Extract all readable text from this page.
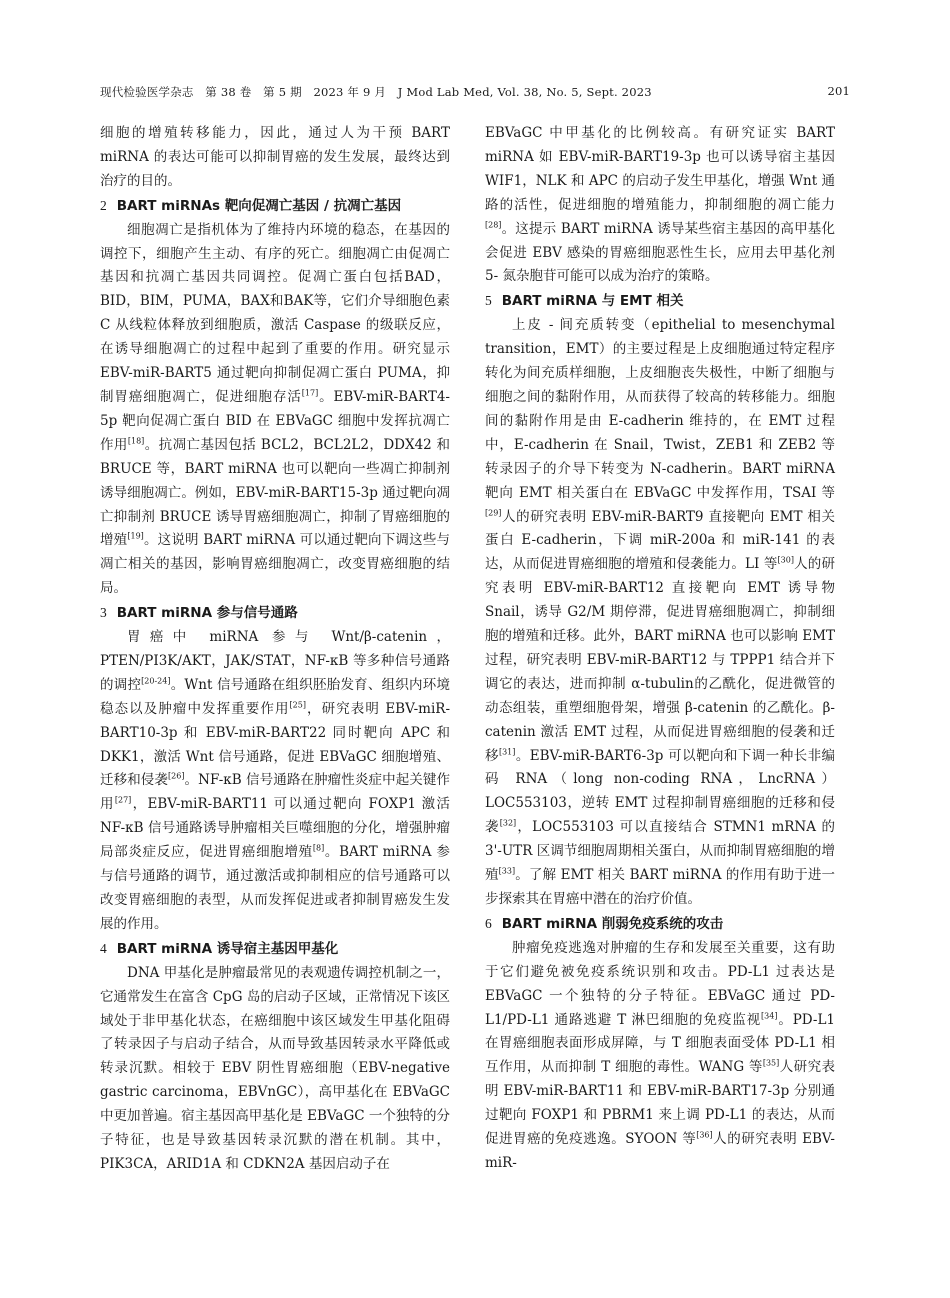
现代检验医学杂志　第 38 卷　第 5 期　2023 年 9 月　J Mod Lab Med, Vol. 38, No. 5, Sept. 2023	201

细胞的增殖转移能力，因此，通过人为干预 BART miRNA 的表达可能可以抑制胃癌的发生发展，最终达到治疗的目的。

2 BART miRNAs 靶向促凋亡基因 / 抗凋亡基因

细胞凋亡是指机体为了维持内环境的稳态，在基因的调控下，细胞产生主动、有序的死亡。细胞凋亡由促凋亡基因和抗凋亡基因共同调控。促凋亡蛋白包括BAD，BID，BIM，PUMA，BAX和BAK等，它们介导细胞色素 C 从线粒体释放到细胞质，激活 Caspase 的级联反应，在诱导细胞凋亡的过程中起到了重要的作用。研究显示 EBV-miR-BART5 通过靶向抑制促凋亡蛋白 PUMA，抑制胃癌细胞凋亡，促进细胞存活[17]。EBV-miR-BART4-5p 靶向促凋亡蛋白 BID 在 EBVaGC 细胞中发挥抗凋亡作用[18]。抗凋亡基因包括 BCL2，BCL2L2，DDX42 和 BRUCE 等，BART miRNA 也可以靶向一些凋亡抑制剂诱导细胞凋亡。例如，EBV-miR-BART15-3p 通过靶向凋亡抑制剂 BRUCE 诱导胃癌细胞凋亡，抑制了胃癌细胞的增殖[19]。这说明 BART miRNA 可以通过靶向下调这些与凋亡相关的基因，影响胃癌细胞凋亡，改变胃癌细胞的结局。

3 BART miRNA 参与信号通路

胃癌中 miRNA 参与 Wnt/β-catenin，PTEN/PI3K/AKT，JAK/STAT，NF-κB 等多种信号通路的调控[20-24]。Wnt 信号通路在组织胚胎发育、组织内环境稳态以及肿瘤中发挥重要作用[25]，研究表明 EBV-miR-BART10-3p 和 EBV-miR-BART22 同时靶向 APC 和 DKK1，激活 Wnt 信号通路，促进 EBVaGC 细胞增殖、迁移和侵袭[26]。NF-κB 信号通路在肿瘤性炎症中起关键作用[27]，EBV-miR-BART11 可以通过靶向 FOXP1 激活 NF-κB 信号通路诱导肿瘤相关巨噬细胞的分化，增强肿瘤局部炎症反应，促进胃癌细胞增殖[8]。BART miRNA 参与信号通路的调节，通过激活或抑制相应的信号通路可以改变胃癌细胞的表型，从而发挥促进或者抑制胃癌发生发展的作用。

4 BART miRNA 诱导宿主基因甲基化

DNA 甲基化是肿瘤最常见的表观遗传调控机制之一，它通常发生在富含 CpG 岛的启动子区域，正常情况下该区域处于非甲基化状态，在癌细胞中该区域发生甲基化阻碍了转录因子与启动子结合，从而导致基因转录水平降低或转录沉默。相较于 EBV 阴性胃癌细胞（EBV-negative gastric carcinoma，EBVnGC），高甲基化在 EBVaGC 中更加普遍。宿主基因高甲基化是 EBVaGC 一个独特的分子特征，也是导致基因转录沉默的潜在机制。其中，PIK3CA，ARID1A 和 CDKN2A 基因启动子在

EBVaGC 中甲基化的比例较高。有研究证实 BART miRNA 如 EBV-miR-BART19-3p 也可以诱导宿主基因 WIF1，NLK 和 APC 的启动子发生甲基化，增强 Wnt 通路的活性，促进细胞的增殖能力，抑制细胞的凋亡能力[28]。这提示 BART miRNA 诱导某些宿主基因的高甲基化会促进 EBV 感染的胃癌细胞恶性生长，应用去甲基化剂 5- 氮杂胞苷可能可以成为治疗的策略。

5 BART miRNA 与 EMT 相关

上皮 - 间充质转变（epithelial to mesenchymal transition，EMT）的主要过程是上皮细胞通过特定程序转化为间充质样细胞，上皮细胞丧失极性，中断了细胞与细胞之间的黏附作用，从而获得了较高的转移能力。细胞间的黏附作用是由 E-cadherin 维持的，在 EMT 过程中，E-cadherin 在 Snail，Twist，ZEB1 和 ZEB2 等转录因子的介导下转变为 N-cadherin。BART miRNA 靶向 EMT 相关蛋白在 EBVaGC 中发挥作用，TSAI 等[29]人的研究表明 EBV-miR-BART9 直接靶向 EMT 相关蛋白 E-cadherin，下调 miR-200a 和 miR-141 的表达，从而促进胃癌细胞的增殖和侵袭能力。LI 等[30]人的研究表明 EBV-miR-BART12 直接靶向 EMT 诱导物 Snail，诱导 G2/M 期停滞，促进胃癌细胞凋亡，抑制细胞的增殖和迁移。此外，BART miRNA 也可以影响 EMT 过程，研究表明 EBV-miR-BART12 与 TPPP1 结合并下调它的表达，进而抑制 α-tubulin的乙酰化，促进微管的动态组装，重塑细胞骨架，增强 β-catenin 的乙酰化。β-catenin 激活 EMT 过程，从而促进胃癌细胞的侵袭和迁移[31]。EBV-miR-BART6-3p 可以靶向和下调一种长非编码 RNA（long non-coding RNA，LncRNA）LOC553103，逆转 EMT 过程抑制胃癌细胞的迁移和侵袭[32]，LOC553103 可以直接结合 STMN1 mRNA 的 3'-UTR 区调节细胞周期相关蛋白，从而抑制胃癌细胞的增殖[33]。了解 EMT 相关 BART miRNA 的作用有助于进一步探索其在胃癌中潜在的治疗价值。

6 BART miRNA 削弱免疫系统的攻击

肿瘤免疫逃逸对肿瘤的生存和发展至关重要，这有助于它们避免被免疫系统识别和攻击。PD-L1 过表达是 EBVaGC 一个独特的分子特征。EBVaGC 通过 PD-L1/PD-L1 通路逃避 T 淋巴细胞的免疫监视[34]。PD-L1 在胃癌细胞表面形成屏障，与 T 细胞表面受体 PD-L1 相互作用，从而抑制 T 细胞的毒性。WANG 等[35]人研究表明 EBV-miR-BART11 和 EBV-miR-BART17-3p 分别通过靶向 FOXP1 和 PBRM1 来上调 PD-L1 的表达，从而促进胃癌的免疫逃逸。SYOON 等[36]人的研究表明 EBV-miR-
